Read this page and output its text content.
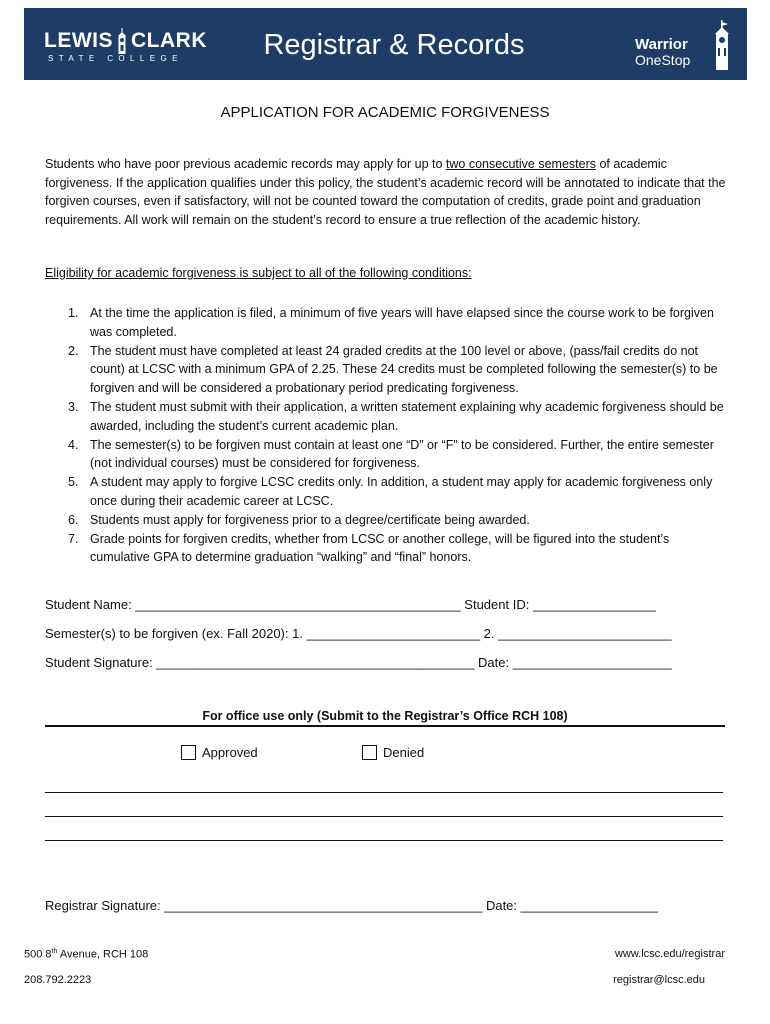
LEWIS CLARK
STATE COLLEGE	Registrar & Records	Warrior
OneStop
APPLICATION FOR ACADEMIC FORGIVENESS
Students who have poor previous academic records may apply for up to two consecutive semesters of academic forgiveness. If the application qualifies under this policy, the student’s academic record will be annotated to indicate that the forgiven courses, even if satisfactory, will not be counted toward the computation of credits, grade point and graduation requirements. All work will remain on the student’s record to ensure a true reflection of the academic history.
Eligibility for academic forgiveness is subject to all of the following conditions:
1. At the time the application is filed, a minimum of five years will have elapsed since the course work to be forgiven was completed.
2. The student must have completed at least 24 graded credits at the 100 level or above, (pass/fail credits do not count) at LCSC with a minimum GPA of 2.25. These 24 credits must be completed following the semester(s) to be forgiven and will be considered a probationary period predicating forgiveness.
3. The student must submit with their application, a written statement explaining why academic forgiveness should be awarded, including the student’s current academic plan.
4. The semester(s) to be forgiven must contain at least one “D” or “F” to be considered. Further, the entire semester (not individual courses) must be considered for forgiveness.
5. A student may apply to forgive LCSC credits only. In addition, a student may apply for academic forgiveness only once during their academic career at LCSC.
6. Students must apply for forgiveness prior to a degree/certificate being awarded.
7. Grade points for forgiven credits, whether from LCSC or another college, will be figured into the student’s cumulative GPA to determine graduation “walking” and “final” honors.
Student Name: _____________________________________________ Student ID: _________________
Semester(s) to be forgiven (ex. Fall 2020): 1. ________________________ 2. ________________________
Student Signature: ____________________________________________ Date: ______________________
For office use only (Submit to the Registrar’s Office RCH 108)
Approved	Denied
Registrar Signature: ____________________________________________ Date: ___________________
500 8th Avenue, RCH 108
208.792.2223
www.lcsc.edu/registrar
registrar@lcsc.edu
